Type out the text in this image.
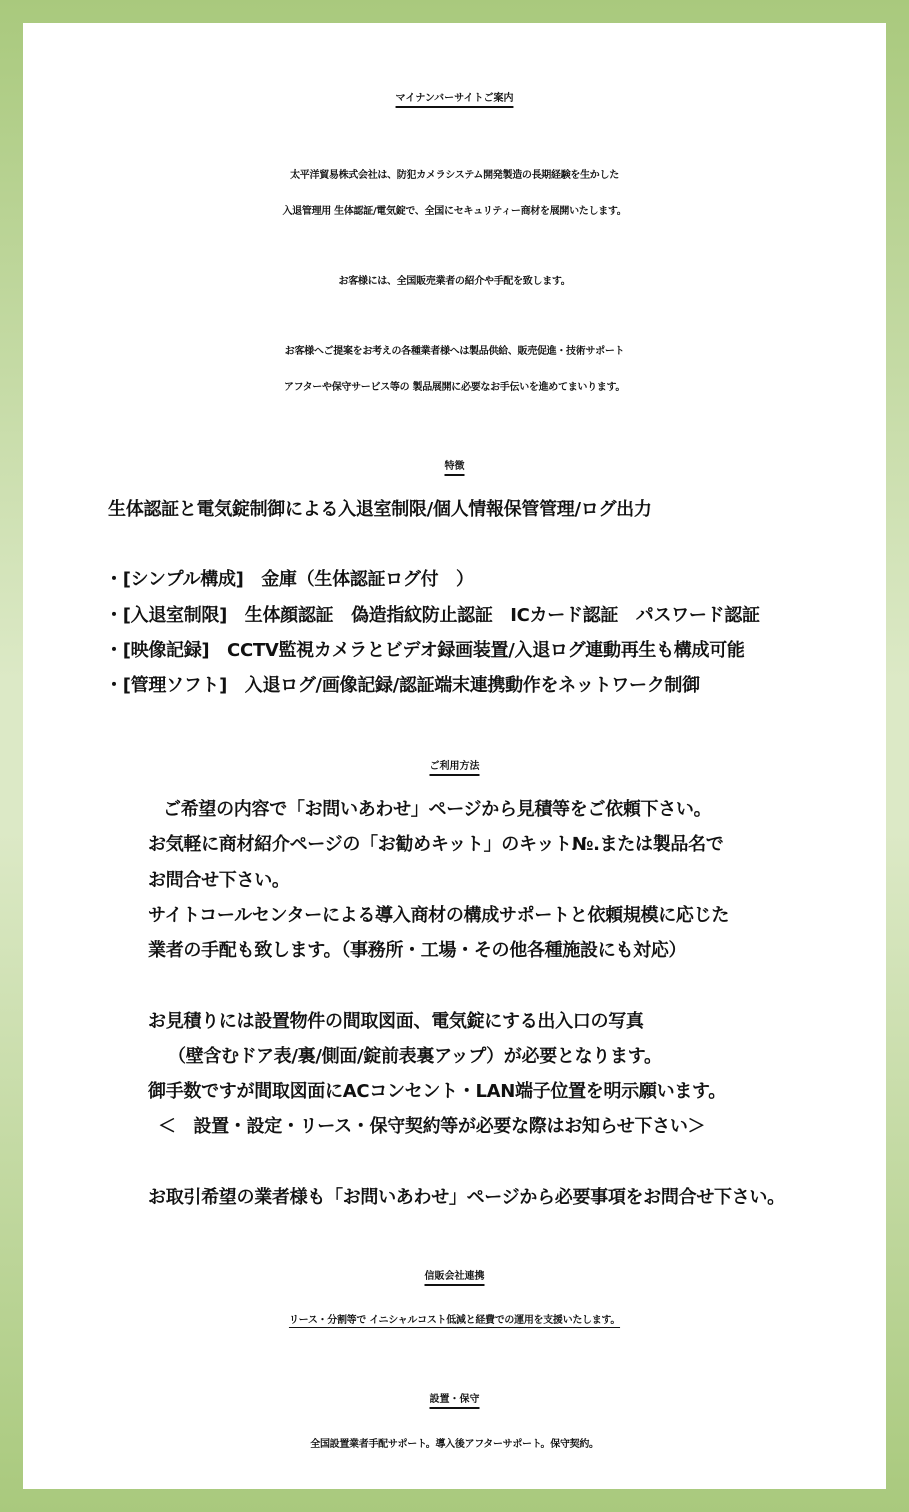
マイナンバーサイトご案内
太平洋貿易株式会社は、防犯カメラシステム開発製造の長期経験を生かした
入退管理用 生体認証/電気錠で、全国にセキュリティー商材を展開いたします。
お客様には、全国販売業者の紹介や手配を致します。
お客様へご提案をお考えの各種業者様へは製品供給、販売促進・技術サポート
アフターや保守サービス等の 製品展開に必要なお手伝いを進めてまいります。
特徴
生体認証と電気錠制御による入退室制限/個人情報保管管理/ログ出力
・[シンプル構成]　金庫（生体認証ログ付　）
・[入退室制限]　生体顔認証　偽造指紋防止認証　ICカード認証　パスワード認証
・[映像記録]　CCTV監視カメラとビデオ録画装置/入退ログ連動再生も構成可能
・[管理ソフト]　入退ログ/画像記録/認証端末連携動作をネットワーク制御
ご利用方法
ご希望の内容で「お問いあわせ」ページから見積等をご依頼下さい。
お気軽に商材紹介ページの「お勧めキット」のキット№.または製品名で
お問合せ下さい。
サイトコールセンターによる導入商材の構成サポートと依頼規模に応じた
業者の手配も致します。（事務所・工場・その他各種施設にも対応）
お見積りには設置物件の間取図面、電気錠にする出入口の写真
（壁含むドア表/裏/側面/錠前表裏アップ）が必要となります。
御手数ですが間取図面にACコンセント・LAN端子位置を明示願います。
＜　設置・設定・リース・保守契約等が必要な際はお知らせ下さい＞
お取引希望の業者様も「お問いあわせ」ページから必要事項をお問合せ下さい。
信販会社連携
リース・分割等で イニシャルコスト低減と経費での運用を支援いたします。
設置・保守
全国設置業者手配サポート。導入後アフターサポート。保守契約。
